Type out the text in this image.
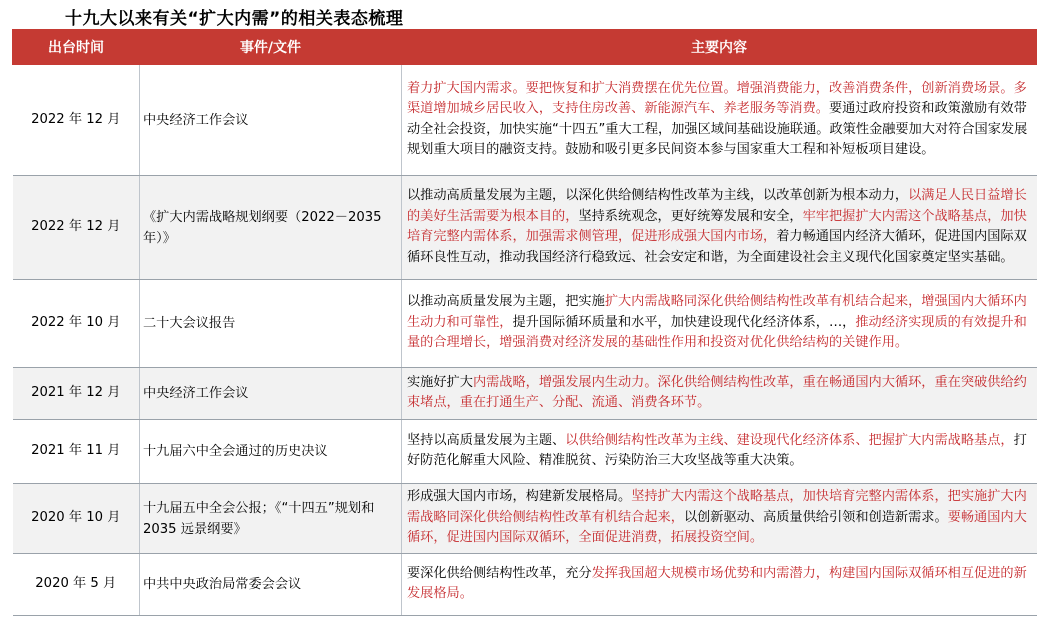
十九大以来有关“扩大内需”的相关表态梳理
出台时间	事件/文件	主要内容
2022 年 12 月	中央经济工作会议	着力扩大国内需求。要把恢复和扩大消费摆在优先位置。增强消费能力，改善消费条件，创新消费场景。多渠道增加城乡居民收入，支持住房改善、新能源汽车、养老服务等消费。要通过政府投资和政策激励有效带动全社会投资，加快实施“十四五”重大工程，加强区域间基础设施联通。政策性金融要加大对符合国家发展规划重大项目的融资支持。鼓励和吸引更多民间资本参与国家重大工程和补短板项目建设。
2022 年 12 月	《扩大内需战略规划纲要（2022－2035 年）》	以推动高质量发展为主题，以深化供给侧结构性改革为主线，以改革创新为根本动力，以满足人民日益增长的美好生活需要为根本目的，坚持系统观念，更好统筹发展和安全，牢牢把握扩大内需这个战略基点，加快培育完整内需体系，加强需求侧管理，促进形成强大国内市场，着力畅通国内经济大循环，促进国内国际双循环良性互动，推动我国经济行稳致远、社会安定和谐，为全面建设社会主义现代化国家奠定坚实基础。
2022 年 10 月	二十大会议报告	以推动高质量发展为主题，把实施扩大内需战略同深化供给侧结构性改革有机结合起来，增强国内大循环内生动力和可靠性，提升国际循环质量和水平，加快建设现代化经济体系，…，推动经济实现质的有效提升和量的合理增长，增强消费对经济发展的基础性作用和投资对优化供给结构的关键作用。
2021 年 12 月	中央经济工作会议	实施好扩大内需战略，增强发展内生动力。深化供给侧结构性改革，重在畅通国内大循环，重在突破供给约束堵点，重在打通生产、分配、流通、消费各环节。
2021 年 11 月	十九届六中全会通过的历史决议	坚持以高质量发展为主题、以供给侧结构性改革为主线、建设现代化经济体系、把握扩大内需战略基点，打好防范化解重大风险、精准脱贫、污染防治三大攻坚战等重大决策。
2020 年 10 月	十九届五中全会公报；《“十四五”规划和 2035 远景纲要》	形成强大国内市场，构建新发展格局。坚持扩大内需这个战略基点，加快培育完整内需体系，把实施扩大内需战略同深化供给侧结构性改革有机结合起来，以创新驱动、高质量供给引领和创造新需求。要畅通国内大循环，促进国内国际双循环，全面促进消费，拓展投资空间。
2020 年 5 月	中共中央政治局常委会会议	要深化供给侧结构性改革，充分发挥我国超大规模市场优势和内需潜力，构建国内国际双循环相互促进的新发展格局。
